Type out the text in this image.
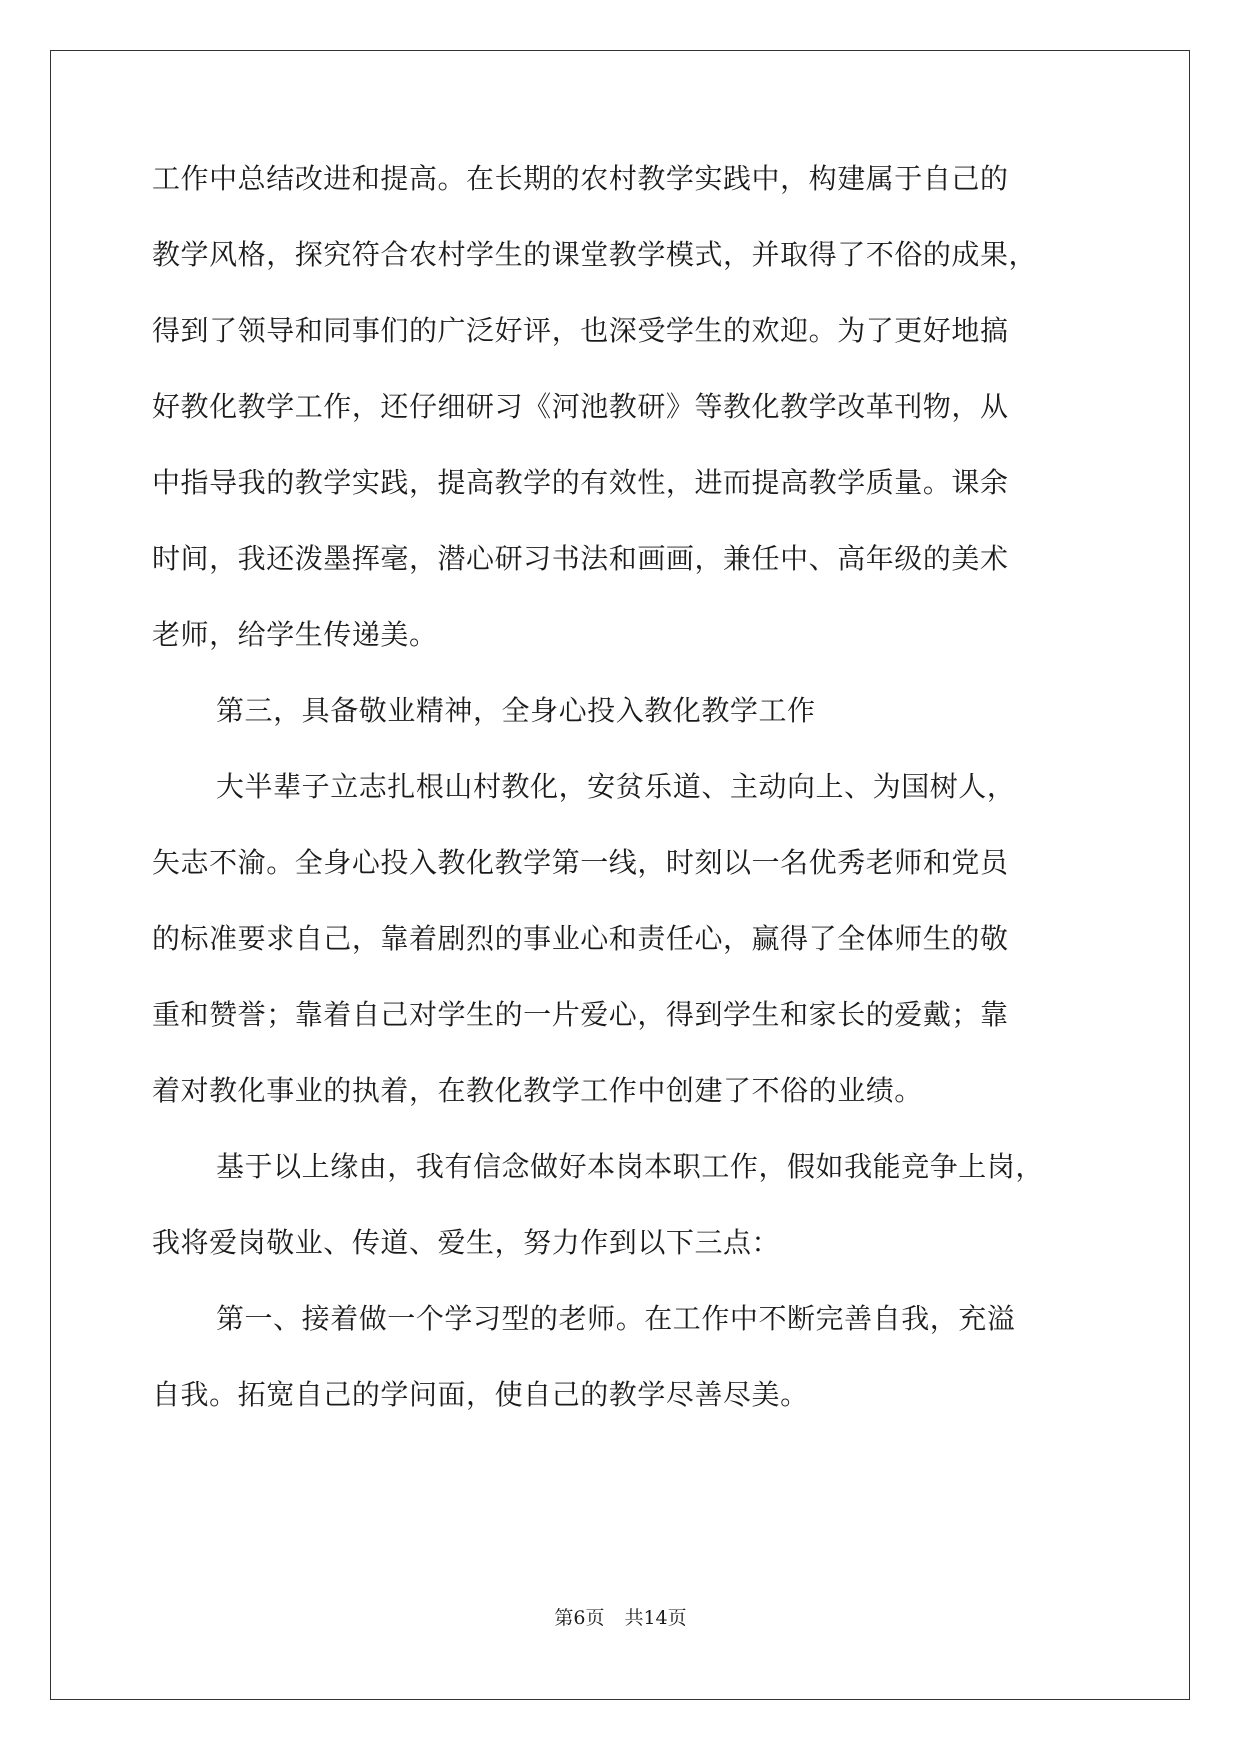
工作中总结改进和提高。在长期的农村教学实践中，构建属于自己的
教学风格，探究符合农村学生的课堂教学模式，并取得了不俗的成果，
得到了领导和同事们的广泛好评，也深受学生的欢迎。为了更好地搞
好教化教学工作，还仔细研习《河池教研》等教化教学改革刊物，从
中指导我的教学实践，提高教学的有效性，进而提高教学质量。课余
时间，我还泼墨挥毫，潜心研习书法和画画，兼任中、高年级的美术
老师，给学生传递美。
第三，具备敬业精神，全身心投入教化教学工作
大半辈子立志扎根山村教化，安贫乐道、主动向上、为国树人，
矢志不渝。全身心投入教化教学第一线，时刻以一名优秀老师和党员
的标准要求自己，靠着剧烈的事业心和责任心，赢得了全体师生的敬
重和赞誉；靠着自己对学生的一片爱心，得到学生和家长的爱戴；靠
着对教化事业的执着，在教化教学工作中创建了不俗的业绩。
基于以上缘由，我有信念做好本岗本职工作，假如我能竞争上岗，
我将爱岗敬业、传道、爱生，努力作到以下三点：
第一、接着做一个学习型的老师。在工作中不断完善自我，充溢
自我。拓宽自己的学问面，使自己的教学尽善尽美。
第6页 共14页
